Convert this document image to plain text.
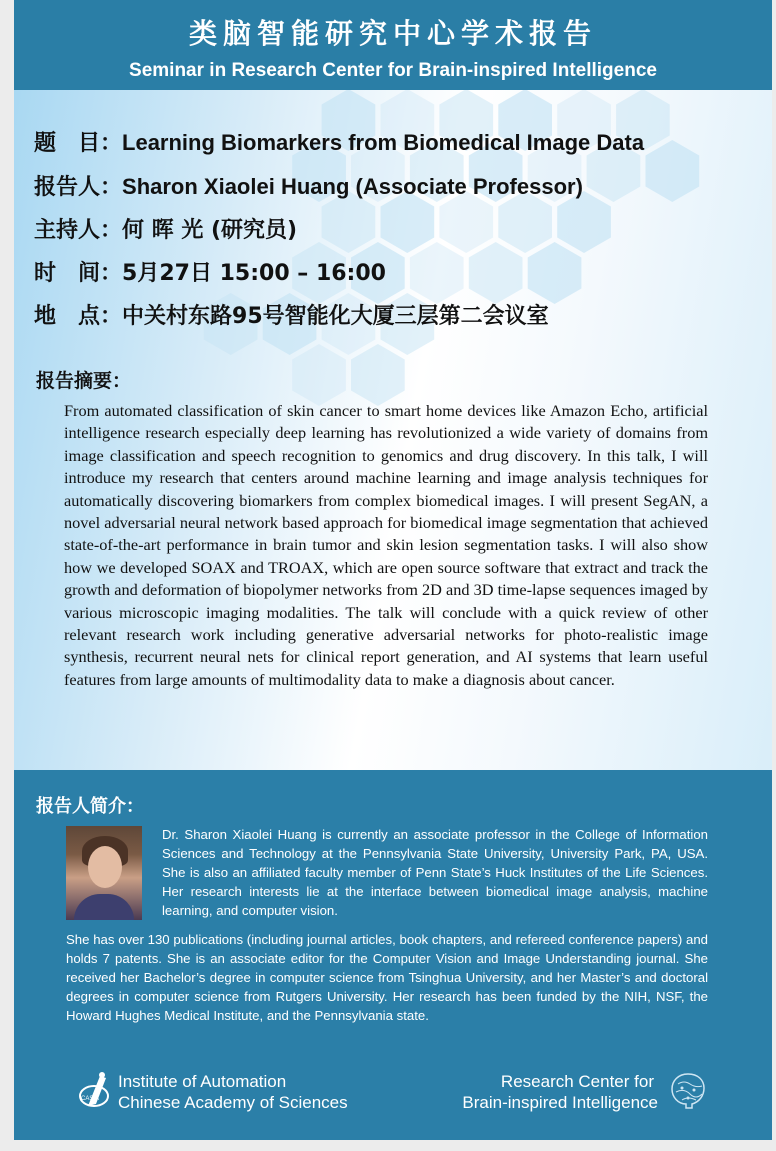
类脑智能研究中心学术报告
Seminar in Research Center for Brain-inspired Intelligence
题　目：Learning Biomarkers from Biomedical Image Data
报告人：Sharon Xiaolei Huang (Associate Professor)
主持人：何 晖 光 (研究员)
时　间：5月27日 15:00 – 16:00
地　点：中关村东路95号智能化大厦三层第二会议室
报告摘要：
From automated classification of skin cancer to smart home devices like Amazon Echo, artificial intelligence research especially deep learning has revolutionized a wide variety of domains from image classification and speech recognition to genomics and drug discovery. In this talk, I will introduce my research that centers around machine learning and image analysis techniques for automatically discovering biomarkers from complex biomedical images. I will present SegAN, a novel adversarial neural network based approach for biomedical image segmentation that achieved state-of-the-art performance in brain tumor and skin lesion segmentation tasks. I will also show how we developed SOAX and TROAX, which are open source software that extract and track the growth and deformation of biopolymer networks from 2D and 3D time-lapse sequences imaged by various microscopic imaging modalities. The talk will conclude with a quick review of other relevant research work including generative adversarial networks for photo-realistic image synthesis, recurrent neural nets for clinical report generation, and AI systems that learn useful features from large amounts of multimodality data to make a diagnosis about cancer.
报告人简介：
Dr. Sharon Xiaolei Huang is currently an associate professor in the College of Information Sciences and Technology at the Pennsylvania State University, University Park, PA, USA. She is also an affiliated faculty member of Penn State’s Huck Institutes of the Life Sciences. Her research interests lie at the interface between biomedical image analysis, machine learning, and computer vision.
She has over 130 publications (including journal articles, book chapters, and refereed conference papers) and holds 7 patents. She is an associate editor for the Computer Vision and Image Understanding journal. She received her Bachelor’s degree in computer science from Tsinghua University, and her Master’s and doctoral degrees in computer science from Rutgers University. Her research has been funded by the NIH, NSF, the Howard Hughes Medical Institute, and the Pennsylvania state.
CASIA
Institute of Automation
Chinese Academy of Sciences
Research Center for
Brain-inspired Intelligence
